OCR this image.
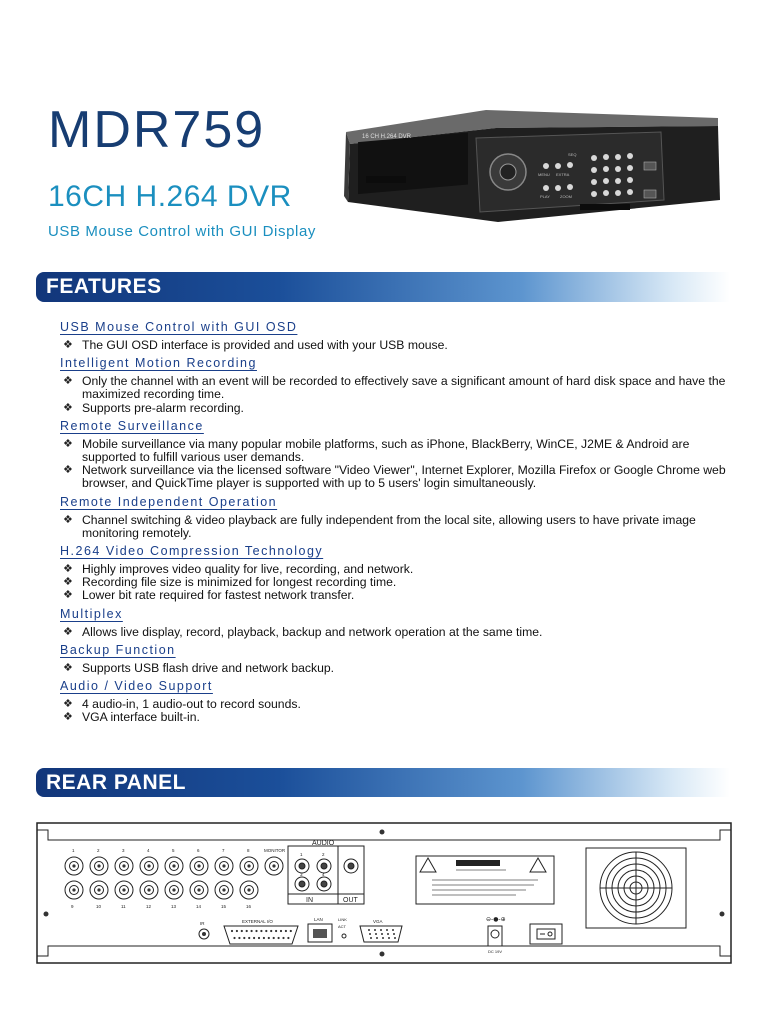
MDR759
16CH H.264 DVR
USB Mouse Control with GUI Display
16 CH H.264 DVR
MENU EXTRA
PLAY	ZOOM
SEQ
FEATURES
USB Mouse Control with GUI OSD
❖ The GUI OSD interface is provided and used with your USB mouse.
Intelligent Motion Recording
❖ Only the channel with an event will be recorded to effectively save a significant amount of hard disk space and have the maximized recording time.
❖ Supports pre-alarm recording.
Remote Surveillance
❖ Mobile surveillance via many popular mobile platforms, such as iPhone, BlackBerry, WinCE, J2ME & Android are supported to fulfill various user demands.
❖ Network surveillance via the licensed software "Video Viewer", Internet Explorer, Mozilla Firefox or Google Chrome web browser, and QuickTime player is supported with up to 5 users' login simultaneously.
Remote Independent Operation
❖ Channel switching & video playback are fully independent from the local site, allowing users to have private image monitoring remotely.
H.264 Video Compression Technology
❖ Highly improves video quality for live, recording, and network.
❖ Recording file size is minimized for longest recording time.
❖ Lower bit rate required for fastest network transfer.
Multiplex
❖ Allows live display, record, playback, backup and network operation at the same time.
Backup Function
❖ Supports USB flash drive and network backup.
Audio / Video Support
❖ 4 audio-in, 1 audio-out to record sounds.
❖ VGA interface built-in.
REAR PANEL
1	2	3	4	5	6	7	8
9	10	11	12	13	14	15	16
MONITOR
AUDIO
IN	OUT
1	2
3	4
IR	EXTERNAL I/O	LAN	LINK
ACT
VGA	⊖-●-⊕
DC 19V
